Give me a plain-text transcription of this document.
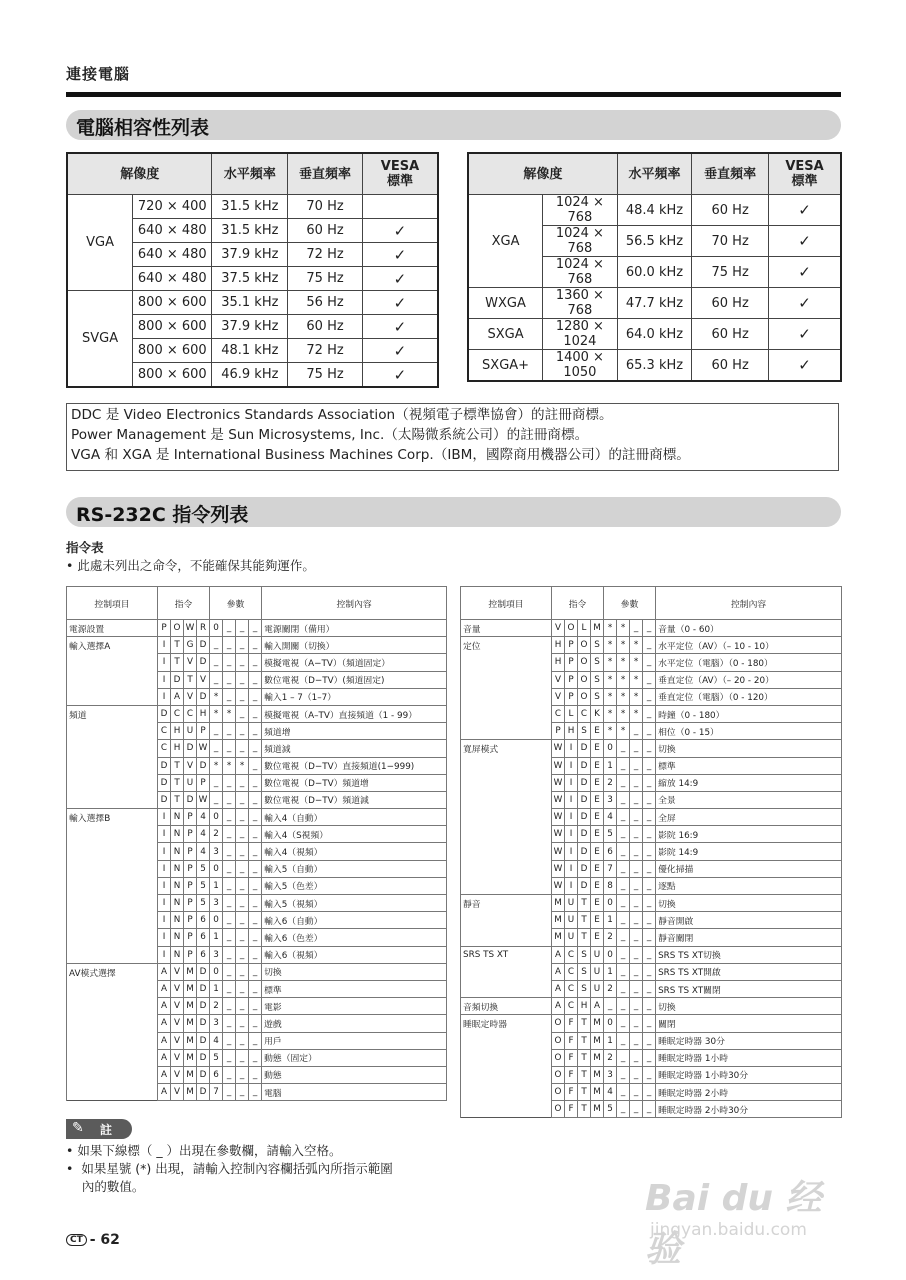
連接電腦
電腦相容性列表
解像度		水平頻率	垂直頻率	VESA
標準
VGA	720 × 400	31.5 kHz	70 Hz	
	640 × 480	31.5 kHz	60 Hz	✓
	640 × 480	37.9 kHz	72 Hz	✓
	640 × 480	37.5 kHz	75 Hz	✓
SVGA	800 × 600	35.1 kHz	56 Hz	✓
	800 × 600	37.9 kHz	60 Hz	✓
	800 × 600	48.1 kHz	72 Hz	✓
	800 × 600	46.9 kHz	75 Hz	✓
解像度		水平頻率	垂直頻率	VESA
標準
XGA	1024 × 768	48.4 kHz	60 Hz	✓
	1024 × 768	56.5 kHz	70 Hz	✓
	1024 × 768	60.0 kHz	75 Hz	✓
WXGA	1360 × 768	47.7 kHz	60 Hz	✓
SXGA	1280 × 1024	64.0 kHz	60 Hz	✓
SXGA+	1400 × 1050	65.3 kHz	60 Hz	✓
DDC 是 Video Electronics Standards Association（視頻電子標準協會）的註冊商標。
Power Management 是 Sun Microsystems, Inc.（太陽微系統公司）的註冊商標。
VGA 和 XGA 是 International Business Machines Corp.（IBM，國際商用機器公司）的註冊商標。
RS-232C 指令列表
指令表
• 此處未列出之命令，不能確保其能夠運作。
控制項目	指令				參數				控制內容
電源設置	P	O	W	R	0	_	_	_	電源關閉（備用）
輸入選擇A	I	T	G	D	_	_	_	_	輸入開關（切換）
	I	T	V	D	_	_	_	_	模擬電視（A−TV）（頻道固定）
	I	D	T	V	_	_	_	_	數位電視（D−TV）(頻道固定)
	I	A	V	D	*	_	_	_	輸入1 – 7（1–7）
頻道	D	C	C	H	*	*	_	_	模擬電視（A–TV）直接頻道（1 - 99）
	C	H	U	P	_	_	_	_	頻道增
	C	H	D	W	_	_	_	_	頻道減
	D	T	V	D	*	*	*	_	數位電視（D−TV）直接頻道(1−999)
	D	T	U	P	_	_	_	_	數位電視（D−TV）頻道增
	D	T	D	W	_	_	_	_	數位電視（D−TV）頻道減
輸入選擇B	I	N	P	4	0	_	_	_	輸入4（自動）
	I	N	P	4	2	_	_	_	輸入4（S視頻）
	I	N	P	4	3	_	_	_	輸入4（視頻）
	I	N	P	5	0	_	_	_	輸入5（自動）
	I	N	P	5	1	_	_	_	輸入5（色差）
	I	N	P	5	3	_	_	_	輸入5（視頻）
	I	N	P	6	0	_	_	_	輸入6（自動）
	I	N	P	6	1	_	_	_	輸入6（色差）
	I	N	P	6	3	_	_	_	輸入6（視頻）
AV模式選擇	A	V	M	D	0	_	_	_	切換
	A	V	M	D	1	_	_	_	標準
	A	V	M	D	2	_	_	_	電影
	A	V	M	D	3	_	_	_	遊戲
	A	V	M	D	4	_	_	_	用戶
	A	V	M	D	5	_	_	_	動態（固定）
	A	V	M	D	6	_	_	_	動態
	A	V	M	D	7	_	_	_	電腦
控制項目	指令				參數				控制內容
音量	V	O	L	M	*	*	_	_	音量（0 - 60）
定位	H	P	O	S	*	*	*	_	水平定位（AV）（– 10 - 10）
	H	P	O	S	*	*	*	_	水平定位（電腦）（0 - 180）
	V	P	O	S	*	*	*	_	垂直定位（AV）（– 20 - 20）
	V	P	O	S	*	*	*	_	垂直定位（電腦）（0 - 120）
	C	L	C	K	*	*	*	_	時鐘（0 - 180）
	P	H	S	E	*	*	_	_	相位（0 - 15）
寬屏模式	W	I	D	E	0	_	_	_	切換
	W	I	D	E	1	_	_	_	標準
	W	I	D	E	2	_	_	_	縮放 14:9
	W	I	D	E	3	_	_	_	全景
	W	I	D	E	4	_	_	_	全屏
	W	I	D	E	5	_	_	_	影院 16:9
	W	I	D	E	6	_	_	_	影院 14:9
	W	I	D	E	7	_	_	_	優化掃描
	W	I	D	E	8	_	_	_	逐點
靜音	M	U	T	E	0	_	_	_	切換
	M	U	T	E	1	_	_	_	靜音開啟
	M	U	T	E	2	_	_	_	靜音關閉
SRS TS XT	A	C	S	U	0	_	_	_	SRS TS XT切換
	A	C	S	U	1	_	_	_	SRS TS XT開啟
	A	C	S	U	2	_	_	_	SRS TS XT關閉
音頻切換	A	C	H	A	_	_	_	_	切換
睡眠定時器	O	F	T	M	0	_	_	_	關閉
	O	F	T	M	1	_	_	_	睡眠定時器 30分
	O	F	T	M	2	_	_	_	睡眠定時器 1小時
	O	F	T	M	3	_	_	_	睡眠定時器 1小時30分
	O	F	T	M	4	_	_	_	睡眠定時器 2小時
	O	F	T	M	5	_	_	_	睡眠定時器 2小時30分
✎ 註
• 如果下線標（ _ ）出現在參數欄，請輸入空格。
•  如果星號 (*) 出現，請輸入控制內容欄括弧內所指示範圍
內的數值。
CT - 62
Bai du 经验
jingyan.baidu.com
